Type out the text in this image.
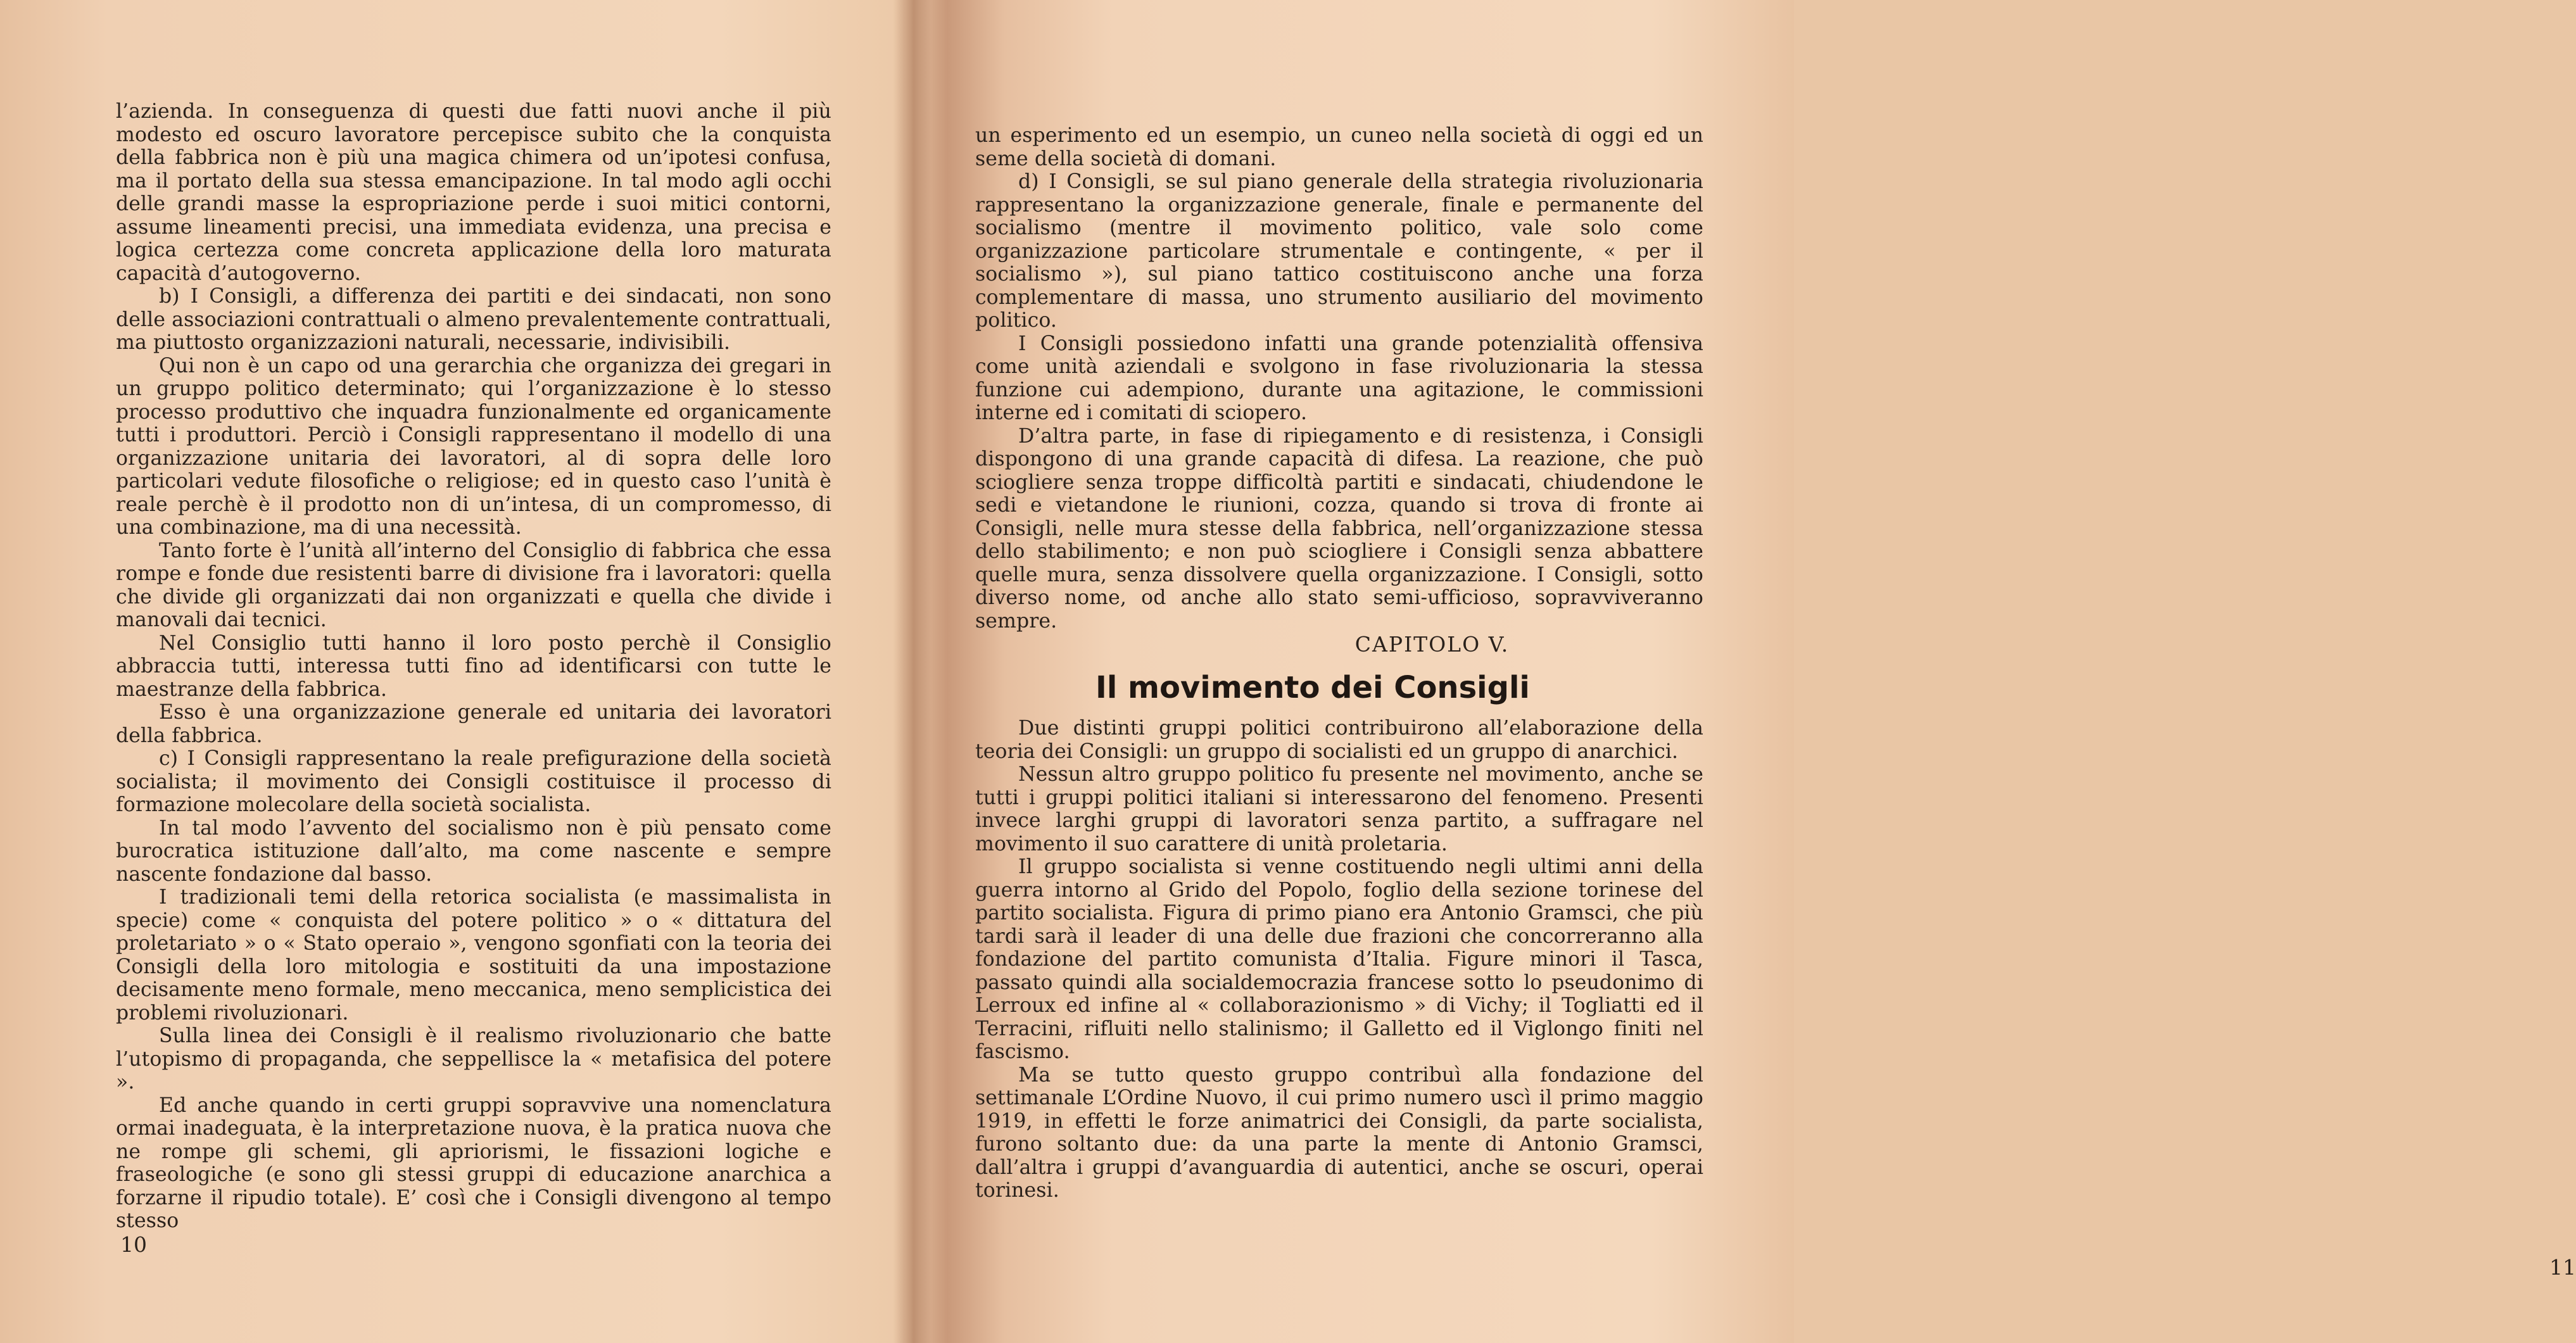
l’azienda. In conseguenza di questi due fatti nuovi anche il più modesto ed oscuro lavoratore percepisce subito che la conquista della fabbrica non è più una magica chimera od un’ipotesi confusa, ma il portato della sua stessa emancipazione. In tal modo agli occhi delle grandi masse la espropriazione perde i suoi mitici contorni, assume lineamenti precisi, una immediata evidenza, una precisa e logica certezza come concreta applicazione della loro maturata capacità d’autogoverno.

b) I Consigli, a differenza dei partiti e dei sindacati, non sono delle associazioni contrattuali o almeno prevalentemente contrattuali, ma piuttosto organizzazioni naturali, necessarie, indivisibili.

Qui non è un capo od una gerarchia che organizza dei gregari in un gruppo politico determinato; qui l’organizzazione è lo stesso processo produttivo che inquadra funzionalmente ed organicamente tutti i produttori. Perciò i Consigli rappresentano il modello di una organizzazione unitaria dei lavoratori, al di sopra delle loro particolari vedute filosofiche o religiose; ed in questo caso l’unità è reale perchè è il prodotto non di un’intesa, di un compromesso, di una combinazione, ma di una necessità.

Tanto forte è l’unità all’interno del Consiglio di fabbrica che essa rompe e fonde due resistenti barre di divisione fra i lavoratori: quella che divide gli organizzati dai non organizzati e quella che divide i manovali dai tecnici.

Nel Consiglio tutti hanno il loro posto perchè il Consiglio abbraccia tutti, interessa tutti fino ad identificarsi con tutte le maestranze della fabbrica.

Esso è una organizzazione generale ed unitaria dei lavoratori della fabbrica.

c) I Consigli rappresentano la reale prefigurazione della società socialista; il movimento dei Consigli costituisce il processo di formazione molecolare della società socialista.

In tal modo l’avvento del socialismo non è più pensato come burocratica istituzione dall’alto, ma come nascente e sempre nascente fondazione dal basso.

I tradizionali temi della retorica socialista (e massimalista in specie) come « conquista del potere politico » o « dittatura del proletariato » o « Stato operaio », vengono sgonfiati con la teoria dei Consigli della loro mitologia e sostituiti da una impostazione decisamente meno formale, meno meccanica, meno semplicistica dei problemi rivoluzionari.

Sulla linea dei Consigli è il realismo rivoluzionario che batte l’utopismo di propaganda, che seppellisce la « metafisica del potere ».

Ed anche quando in certi gruppi sopravvive una nomenclatura ormai inadeguata, è la interpretazione nuova, è la pratica nuova che ne rompe gli schemi, gli apriorismi, le fissazioni logiche e fraseologiche (e sono gli stessi gruppi di educazione anarchica a forzarne il ripudio totale). E’ così che i Consigli divengono al tempo stesso

10

un esperimento ed un esempio, un cuneo nella società di oggi ed un seme della società di domani.

d) I Consigli, se sul piano generale della strategia rivoluzionaria rappresentano la organizzazione generale, finale e permanente del socialismo (mentre il movimento politico, vale solo come organizzazione particolare strumentale e contingente, « per il socialismo »), sul piano tattico costituiscono anche una forza complementare di massa, uno strumento ausiliario del movimento politico.

I Consigli possiedono infatti una grande potenzialità offensiva come unità aziendali e svolgono in fase rivoluzionaria la stessa funzione cui adempiono, durante una agitazione, le commissioni interne ed i comitati di sciopero.

D’altra parte, in fase di ripiegamento e di resistenza, i Consigli dispongono di una grande capacità di difesa. La reazione, che può sciogliere senza troppe difficoltà partiti e sindacati, chiudendone le sedi e vietandone le riunioni, cozza, quando si trova di fronte ai Consigli, nelle mura stesse della fabbrica, nell’organizzazione stessa dello stabilimento; e non può sciogliere i Consigli senza abbattere quelle mura, senza dissolvere quella organizzazione. I Consigli, sotto diverso nome, od anche allo stato semi-ufficioso, sopravviveranno sempre.

Due distinti gruppi politici contribuirono all’elaborazione della teoria dei Consigli: un gruppo di socialisti ed un gruppo di anarchici.

Nessun altro gruppo politico fu presente nel movimento, anche se tutti i gruppi politici italiani si interessarono del fenomeno. Presenti invece larghi gruppi di lavoratori senza partito, a suffragare nel movimento il suo carattere di unità proletaria.

Il gruppo socialista si venne costituendo negli ultimi anni della guerra intorno al Grido del Popolo, foglio della sezione torinese del partito socialista. Figura di primo piano era Antonio Gramsci, che più tardi sarà il leader di una delle due frazioni che concorreranno alla fondazione del partito comunista d’Italia. Figure minori il Tasca, passato quindi alla socialdemocrazia francese sotto lo pseudonimo di Lerroux ed infine al « collaborazionismo » di Vichy; il Togliatti ed il Terracini, rifluiti nello stalinismo; il Galletto ed il Viglongo finiti nel fascismo.

Ma se tutto questo gruppo contribuì alla fondazione del settimanale L’Ordine Nuovo, il cui primo numero uscì il primo maggio 1919, in effetti le forze animatrici dei Consigli, da parte socialista, furono soltanto due: da una parte la mente di Antonio Gramsci, dall’altra i gruppi d’avanguardia di autentici, anche se oscuri, operai torinesi.

11
CAPITOLO V.
Il movimento dei Consigli
